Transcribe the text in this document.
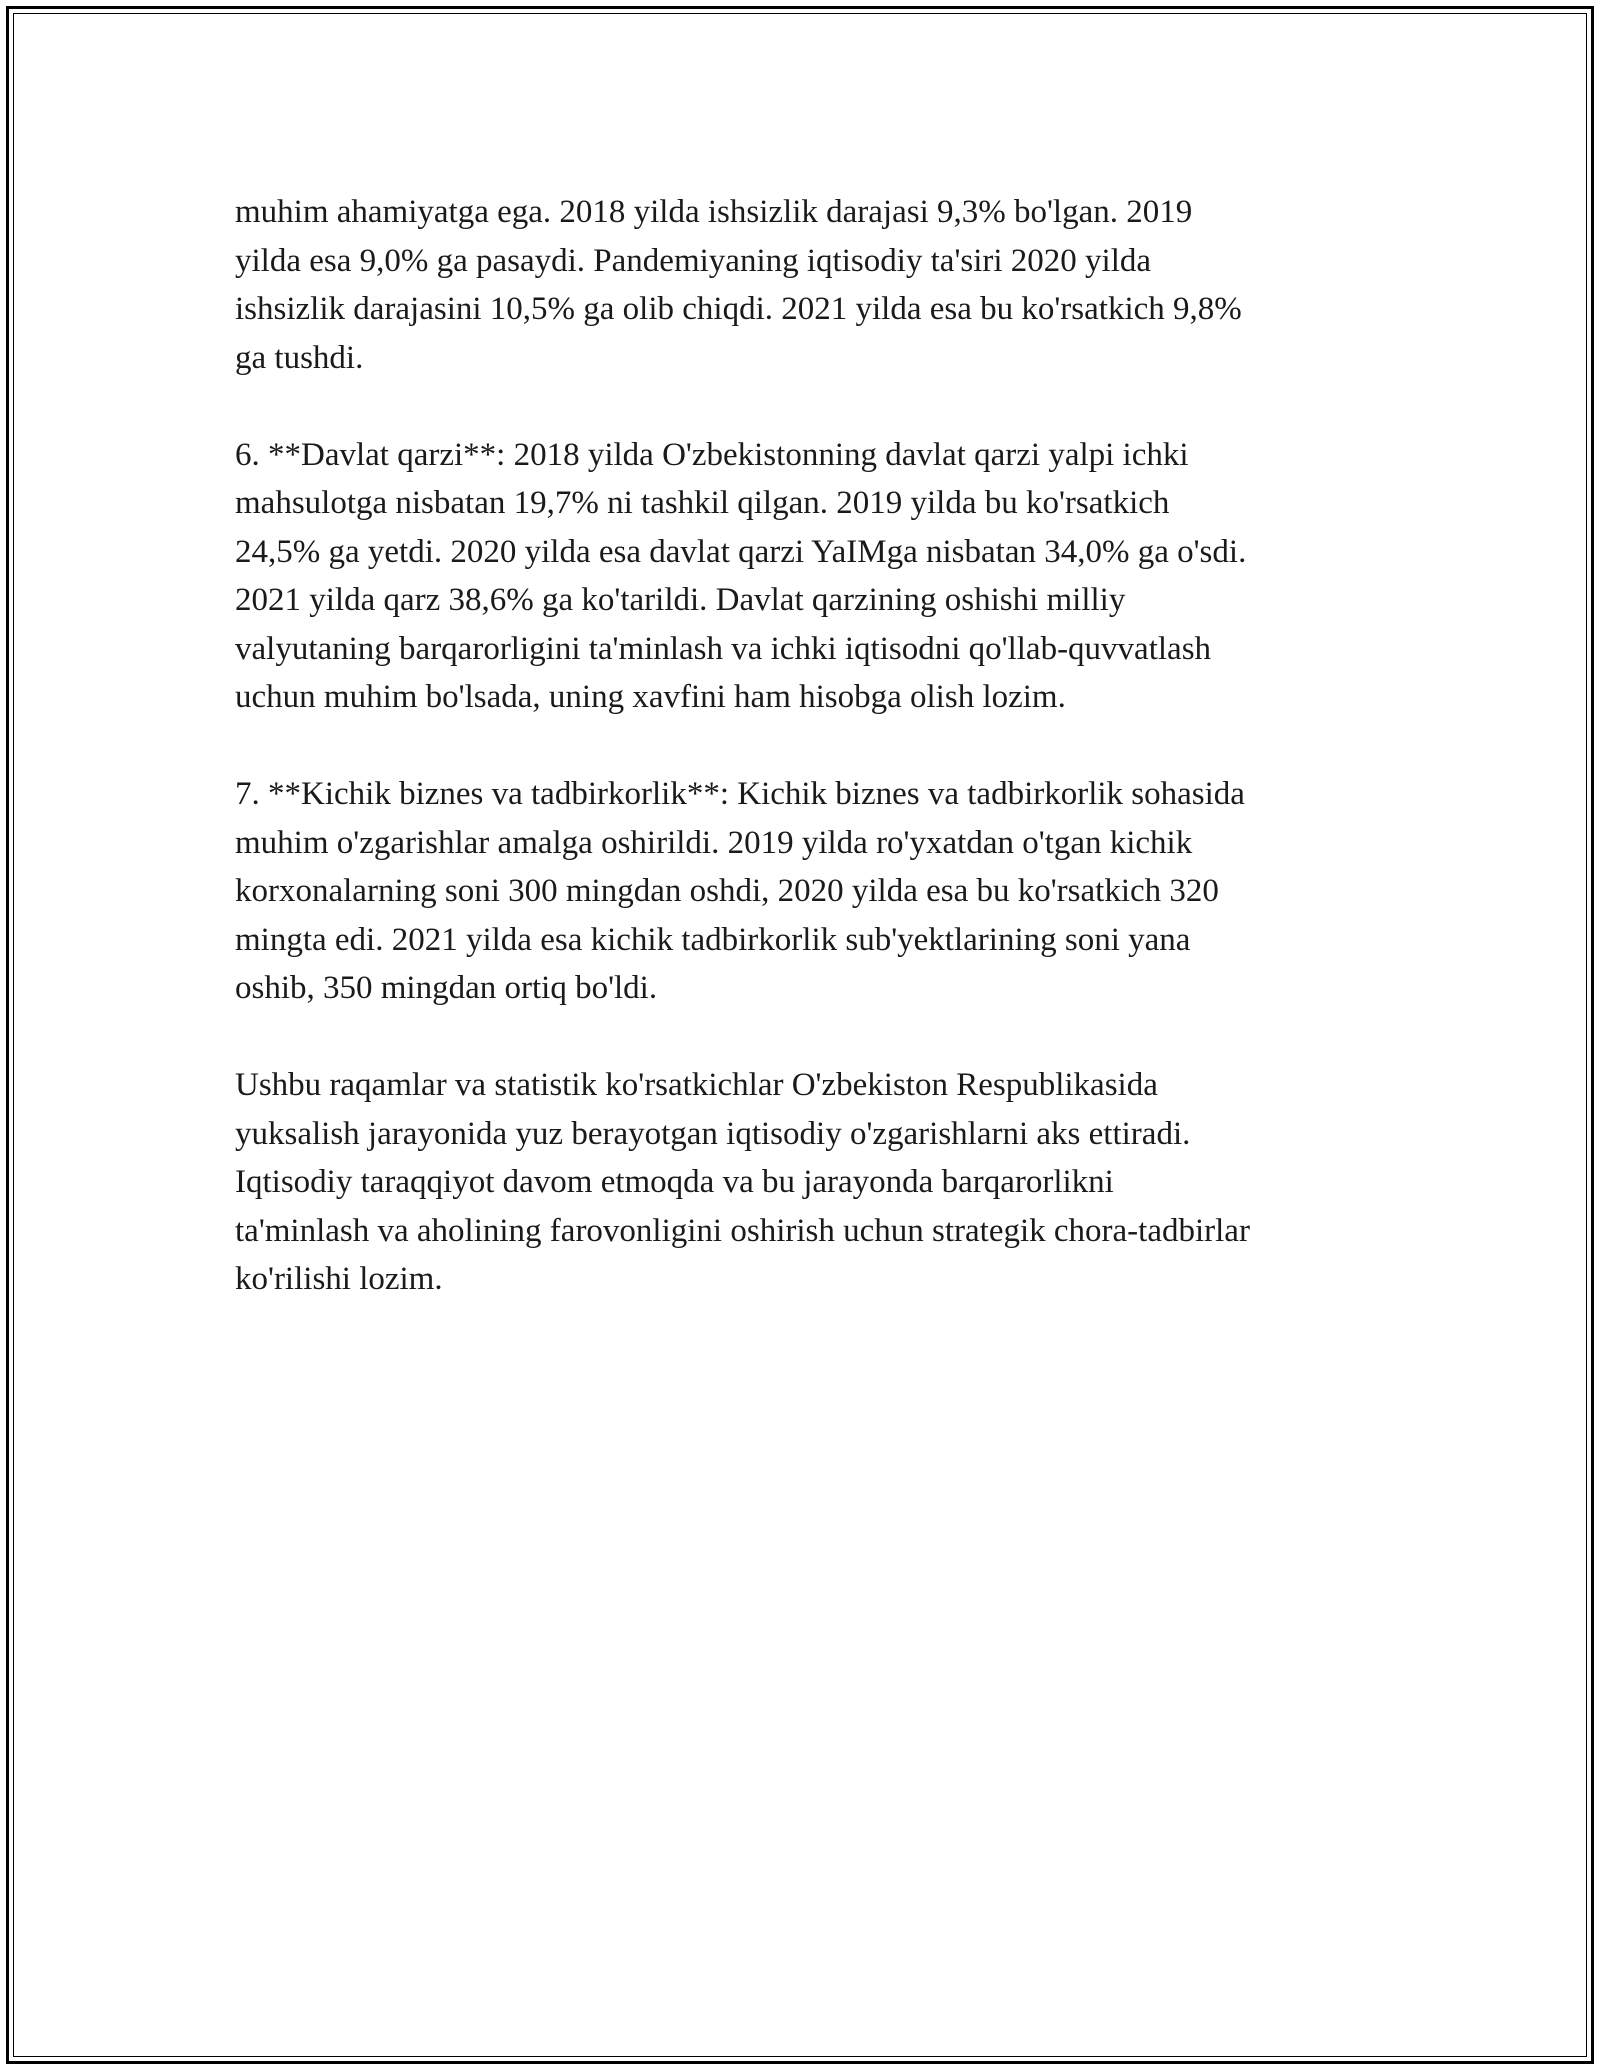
muhim ahamiyatga ega. 2018 yilda ishsizlik darajasi 9,3% bo'lgan. 2019
yilda esa 9,0% ga pasaydi. Pandemiyaning iqtisodiy ta'siri 2020 yilda
ishsizlik darajasini 10,5% ga olib chiqdi. 2021 yilda esa bu ko'rsatkich 9,8%
ga tushdi.

6. **Davlat qarzi**: 2018 yilda O'zbekistonning davlat qarzi yalpi ichki
mahsulotga nisbatan 19,7% ni tashkil qilgan. 2019 yilda bu ko'rsatkich
24,5% ga yetdi. 2020 yilda esa davlat qarzi YaIMga nisbatan 34,0% ga o'sdi.
2021 yilda qarz 38,6% ga ko'tarildi. Davlat qarzining oshishi milliy
valyutaning barqarorligini ta'minlash va ichki iqtisodni qo'llab-quvvatlash
uchun muhim bo'lsada, uning xavfini ham hisobga olish lozim.

7. **Kichik biznes va tadbirkorlik**: Kichik biznes va tadbirkorlik sohasida
muhim o'zgarishlar amalga oshirildi. 2019 yilda ro'yxatdan o'tgan kichik
korxonalarning soni 300 mingdan oshdi, 2020 yilda esa bu ko'rsatkich 320
mingta edi. 2021 yilda esa kichik tadbirkorlik sub'yektlarining soni yana
oshib, 350 mingdan ortiq bo'ldi.

Ushbu raqamlar va statistik ko'rsatkichlar O'zbekiston Respublikasida
yuksalish jarayonida yuz berayotgan iqtisodiy o'zgarishlarni aks ettiradi.
Iqtisodiy taraqqiyot davom etmoqda va bu jarayonda barqarorlikni
ta'minlash va aholining farovonligini oshirish uchun strategik chora-tadbirlar
ko'rilishi lozim.
